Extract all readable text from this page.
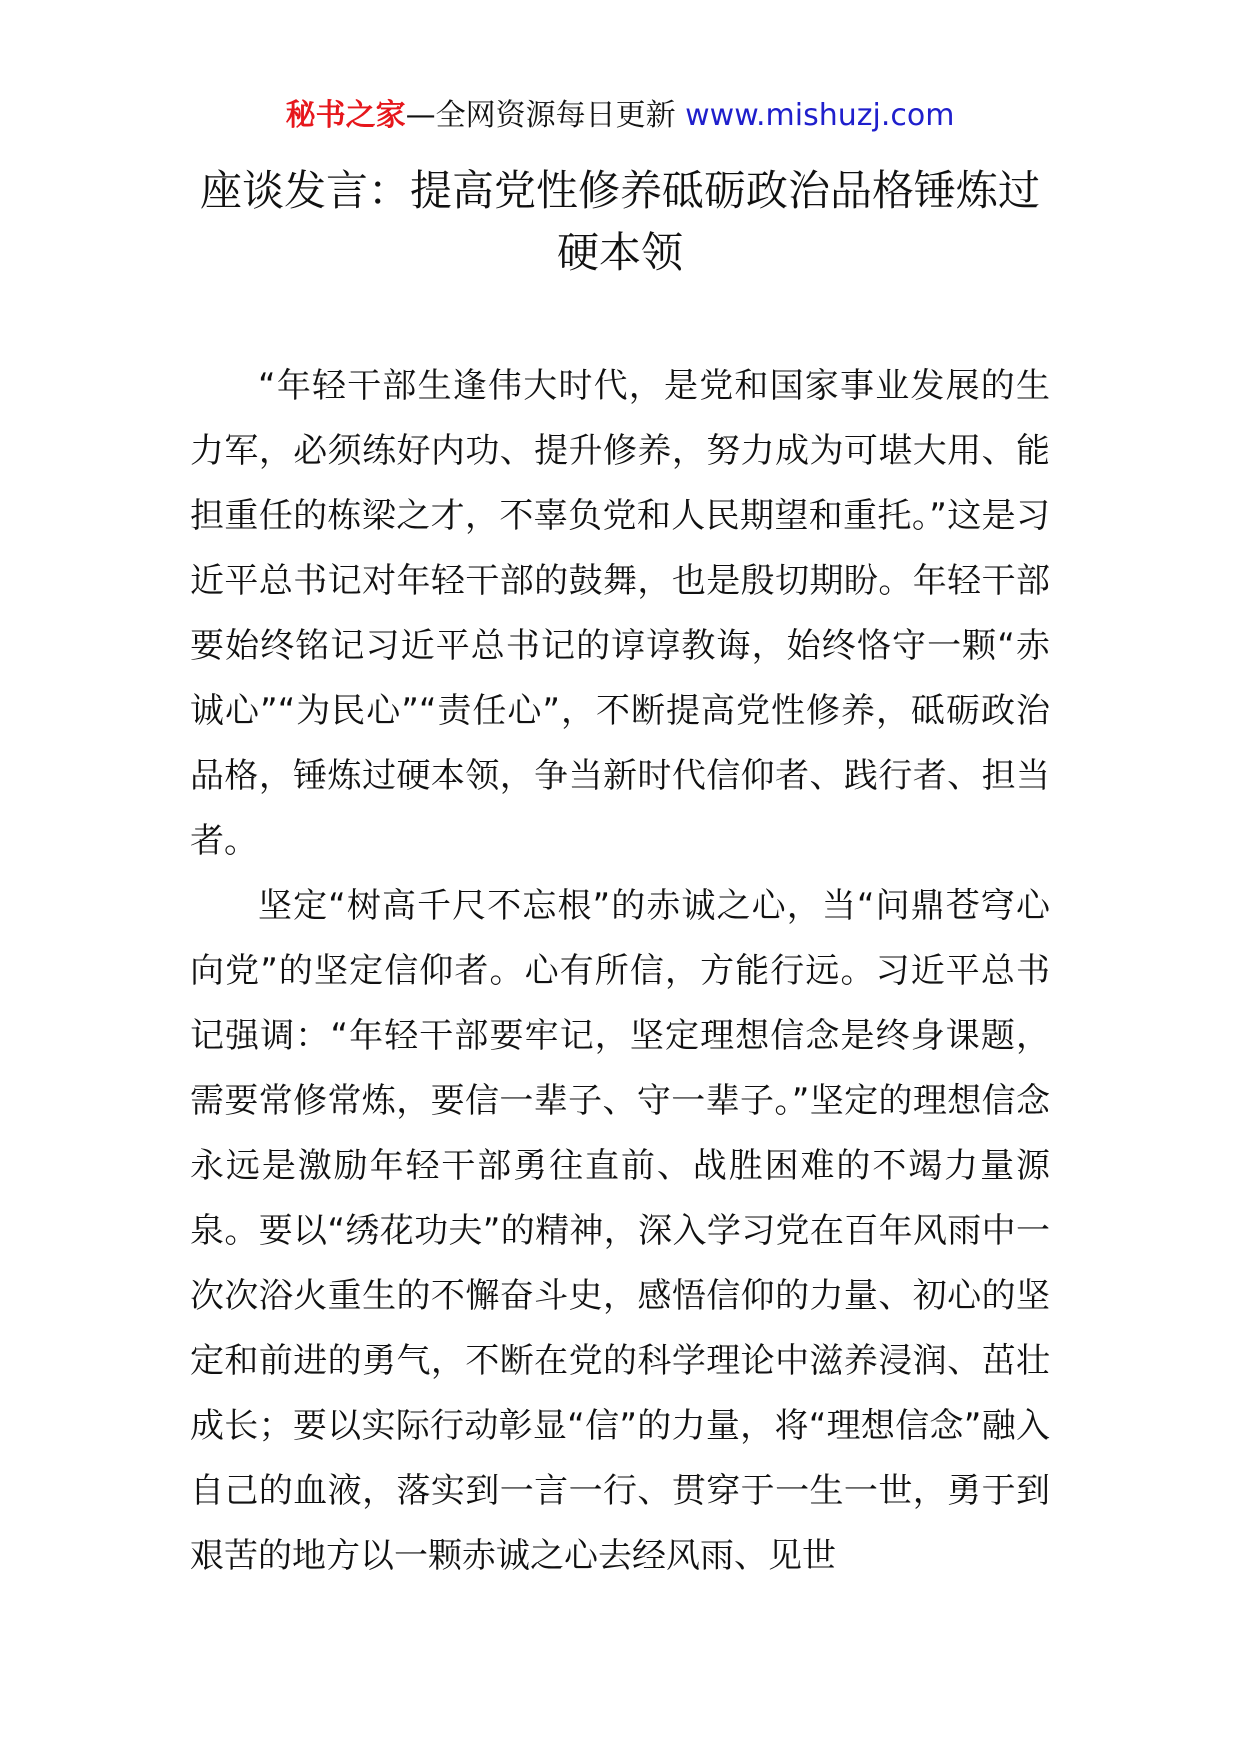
秘书之家—全网资源每日更新 www.mishuzj.com
座谈发言：提高党性修养砥砺政治品格锤炼过硬本领

“年轻干部生逢伟大时代，是党和国家事业发展的生力军，必须练好内功、提升修养，努力成为可堪大用、能担重任的栋梁之才，不辜负党和人民期望和重托。”这是习近平总书记对年轻干部的鼓舞，也是殷切期盼。年轻干部要始终铭记习近平总书记的谆谆教诲，始终恪守一颗“赤诚心”“为民心”“责任心”，不断提高党性修养，砥砺政治品格，锤炼过硬本领，争当新时代信仰者、践行者、担当者。

坚定“树高千尺不忘根”的赤诚之心，当“问鼎苍穹心向党”的坚定信仰者。心有所信，方能行远。习近平总书记强调：“年轻干部要牢记，坚定理想信念是终身课题，需要常修常炼，要信一辈子、守一辈子。”坚定的理想信念永远是激励年轻干部勇往直前、战胜困难的不竭力量源泉。要以“绣花功夫”的精神，深入学习党在百年风雨中一次次浴火重生的不懈奋斗史，感悟信仰的力量、初心的坚定和前进的勇气，不断在党的科学理论中滋养浸润、茁壮成长；要以实际行动彰显“信”的力量，将“理想信念”融入自己的血液，落实到一言一行、贯穿于一生一世，勇于到艰苦的地方以一颗赤诚之心去经风雨、见世
